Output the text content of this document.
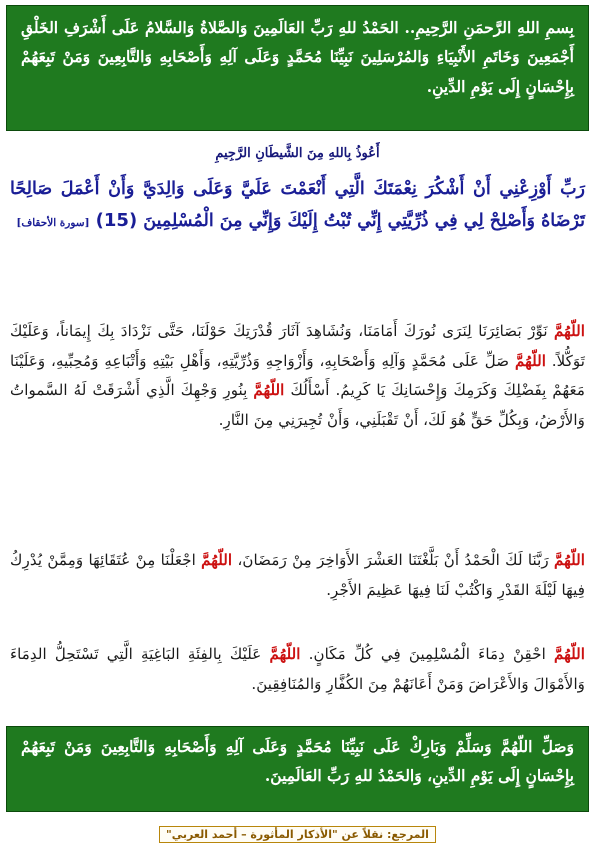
بِسمِ اللهِ الرَّحمَنِ الرَّحِيمِ.. الحَمْدُ للهِ رَبِّ العَالَمِينَ وَالصَّلاةُ وَالسَّلامُ عَلَى أَشْرَفِ الخَلْقِ أَجْمَعِينَ وَخَاتَمِ الأَنْبِيَاءِ وَالمُرْسَلِينَ نَبِيِّنَا مُحَمَّدٍ وَعَلَى آلِهِ وَأَصْحَابِهِ وَالتَّابِعِينَ وَمَنْ تَبِعَهُمْ بِإِحْسَانٍ إِلَى يَوْمِ الدِّينِ.
أَعُوذُ بِاللهِ مِنَ الشَّيطَانِ الرَّجِيمِ
رَبِّ أَوْزِعْنِي أَنْ أَشْكُرَ نِعْمَتَكَ الَّتِي أَنْعَمْتَ عَلَيَّ وَعَلَى وَالِدَيَّ وَأَنْ أَعْمَلَ صَالِحًا تَرْضَاهُ وَأَصْلِحْ لِي فِي ذُرِّيَّتِي إِنِّي تُبْتُ إِلَيْكَ وَإِنِّي مِنَ الْمُسْلِمِينَ (15) [سورة الأحقاف]
اللّهُمَّ نَوِّرْ بَصَائِرَنَا لِنَرَى نُورَكَ أَمَامَنَا، وَنُشَاهِدَ آثَارَ قُدْرَتِكَ حَوْلَنَا، حَتَّى نَزْدَادَ بِكَ إِيمَاناً، وَعَلَيْكَ تَوَكُّلاً. اللّهُمَّ صَلِّ عَلَى مُحَمَّدٍ وَآلِهِ وَأَصْحَابِهِ، وَأَزْوَاجِهِ وَذُرِّيَّتِهِ، وَأَهْلِ بَيْتِهِ وَأَتْبَاعِهِ وَمُحِبِّيهِ، وَعَلَيْنَا مَعَهُمْ بِفَضْلِكَ وَكَرَمِكَ وَإِحْسَانِكَ يَا كَرِيمُ. أَسْأَلُكَ اللّهُمَّ بِنُورِ وَجْهِكَ الَّذِي أَشْرَقَتْ لَهُ السَّمواتُ وَالأَرْضُ، وَبِكُلِّ حَقٍّ هُوَ لَكَ، أَنْ تَقْبَلَنِي، وَأَنْ تُجِيرَنِي مِنَ النَّارِ.
اللّهُمَّ رَبَّنَا لَكَ الْحَمْدُ أَنْ بَلَّغْتَنَا العَشْرَ الأَوَاخِرَ مِنْ رَمَضَانَ، اللّهُمَّ اجْعَلْنَا مِنْ عُتَقَائِهَا وَمِمَّنْ يُدْرِكُ فِيهَا لَيْلَةَ القَدْرِ وَاكْتُبْ لَنَا فِيهَا عَظِيمَ الأَجْرِ.
اللّهُمَّ احْقِنْ دِمَاءَ الْمُسْلِمِينَ فِي كُلِّ مَكَانٍ. اللّهُمَّ عَلَيْكَ بِالفِئَةِ البَاغِيَةِ الَّتِي تَسْتَحِلُّ الدِمَاءَ وَالأَمْوَالَ وَالأَعْرَاضَ وَمَنْ أَعَانَهُمْ مِنَ الكُفَّارِ وَالمُنَافِقِينَ.
وَصَلِّ اللّهُمَّ وَسَلِّمْ وَبَارِكْ عَلَى نَبِيِّنَا مُحَمَّدٍ وَعَلَى آلِهِ وَأَصْحَابِهِ وَالتَّابِعِينَ وَمَنْ تَبِعَهُمْ بِإِحْسَانٍ إِلَى يَوْمِ الدِّينِ، وَالحَمْدُ للهِ رَبِّ العَالَمِينَ.
المرجع: نقلاً عن "الأذكار المأثورة – أحمد العربي"
